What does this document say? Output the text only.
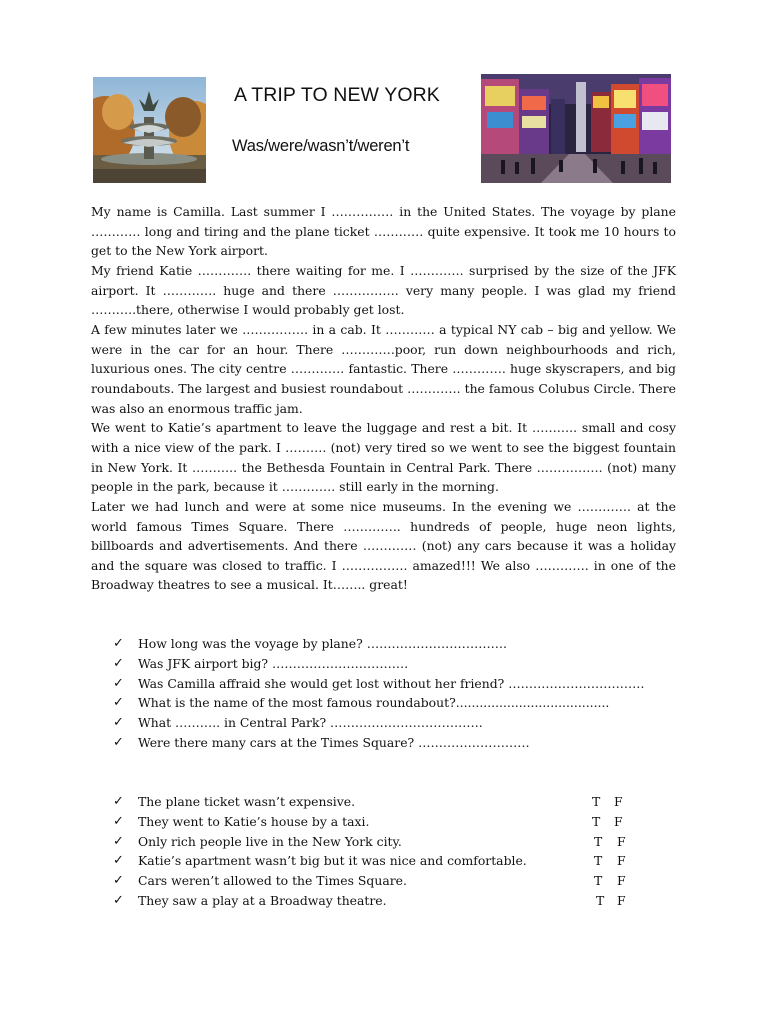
A TRIP TO NEW YORK
Was/were/wasn’t/weren’t

My name is Camilla. Last summer I …………… in the United States. The voyage by plane ………… long and tiring and the plane ticket ………… quite expensive. It took me 10 hours to get to the New York airport.

My friend Katie …………. there waiting for me. I …………. surprised by the size of the JFK airport. It …………. huge and there ……………. very many people. I was glad my friend ………..there, otherwise I would probably get lost.

A few minutes later we ……………. in a cab. It ………… a typical NY cab – big and yellow. We were in the car for an hour. There ………….poor, run down neighbourhoods and rich, luxurious ones. The city centre …………. fantastic. There …………. huge skyscrapers, and big roundabouts. The largest and busiest roundabout …………. the famous Colubus Circle. There was also an enormous traffic jam.

We went to Katie’s apartment to leave the luggage and rest a bit. It ……….. small and cosy with a nice view of the park. I ………. (not) very tired so we went to see the biggest fountain in New York. It ……….. the Bethesda Fountain in Central Park. There ……………. (not) many people in the park, because it …………. still early in the morning.

Later we had lunch and were at some nice museums. In the evening we …………. at the world famous Times Square. There ………….. hundreds of people, huge neon lights, billboards and advertisements. And there …………. (not) any cars because it was a holiday and the square was closed to traffic. I ……………. amazed!!! We also …………. in one of the Broadway theatres to see a musical. It…….. great!

✓ How long was the voyage by plane? …………………………….
✓ Was JFK airport big? ……………………………
✓ Was Camilla affraid she would get lost without her friend? ……………………………
✓ What is the name of the most famous roundabout?.......................................
✓ What ……….. in Central Park? ……………………………….
✓ Were there many cars at the Times Square? ………………………
✓ The plane ticket wasn’t expensive.	T F
✓ They went to Katie’s house by a taxi.	T F
✓ Only rich people live in the New York city.	T F
✓ Katie’s apartment wasn’t big but it was nice and comfortable.	T F
✓ Cars weren’t allowed to the Times Square.	T F
✓ They saw a play at a Broadway theatre.	T F
